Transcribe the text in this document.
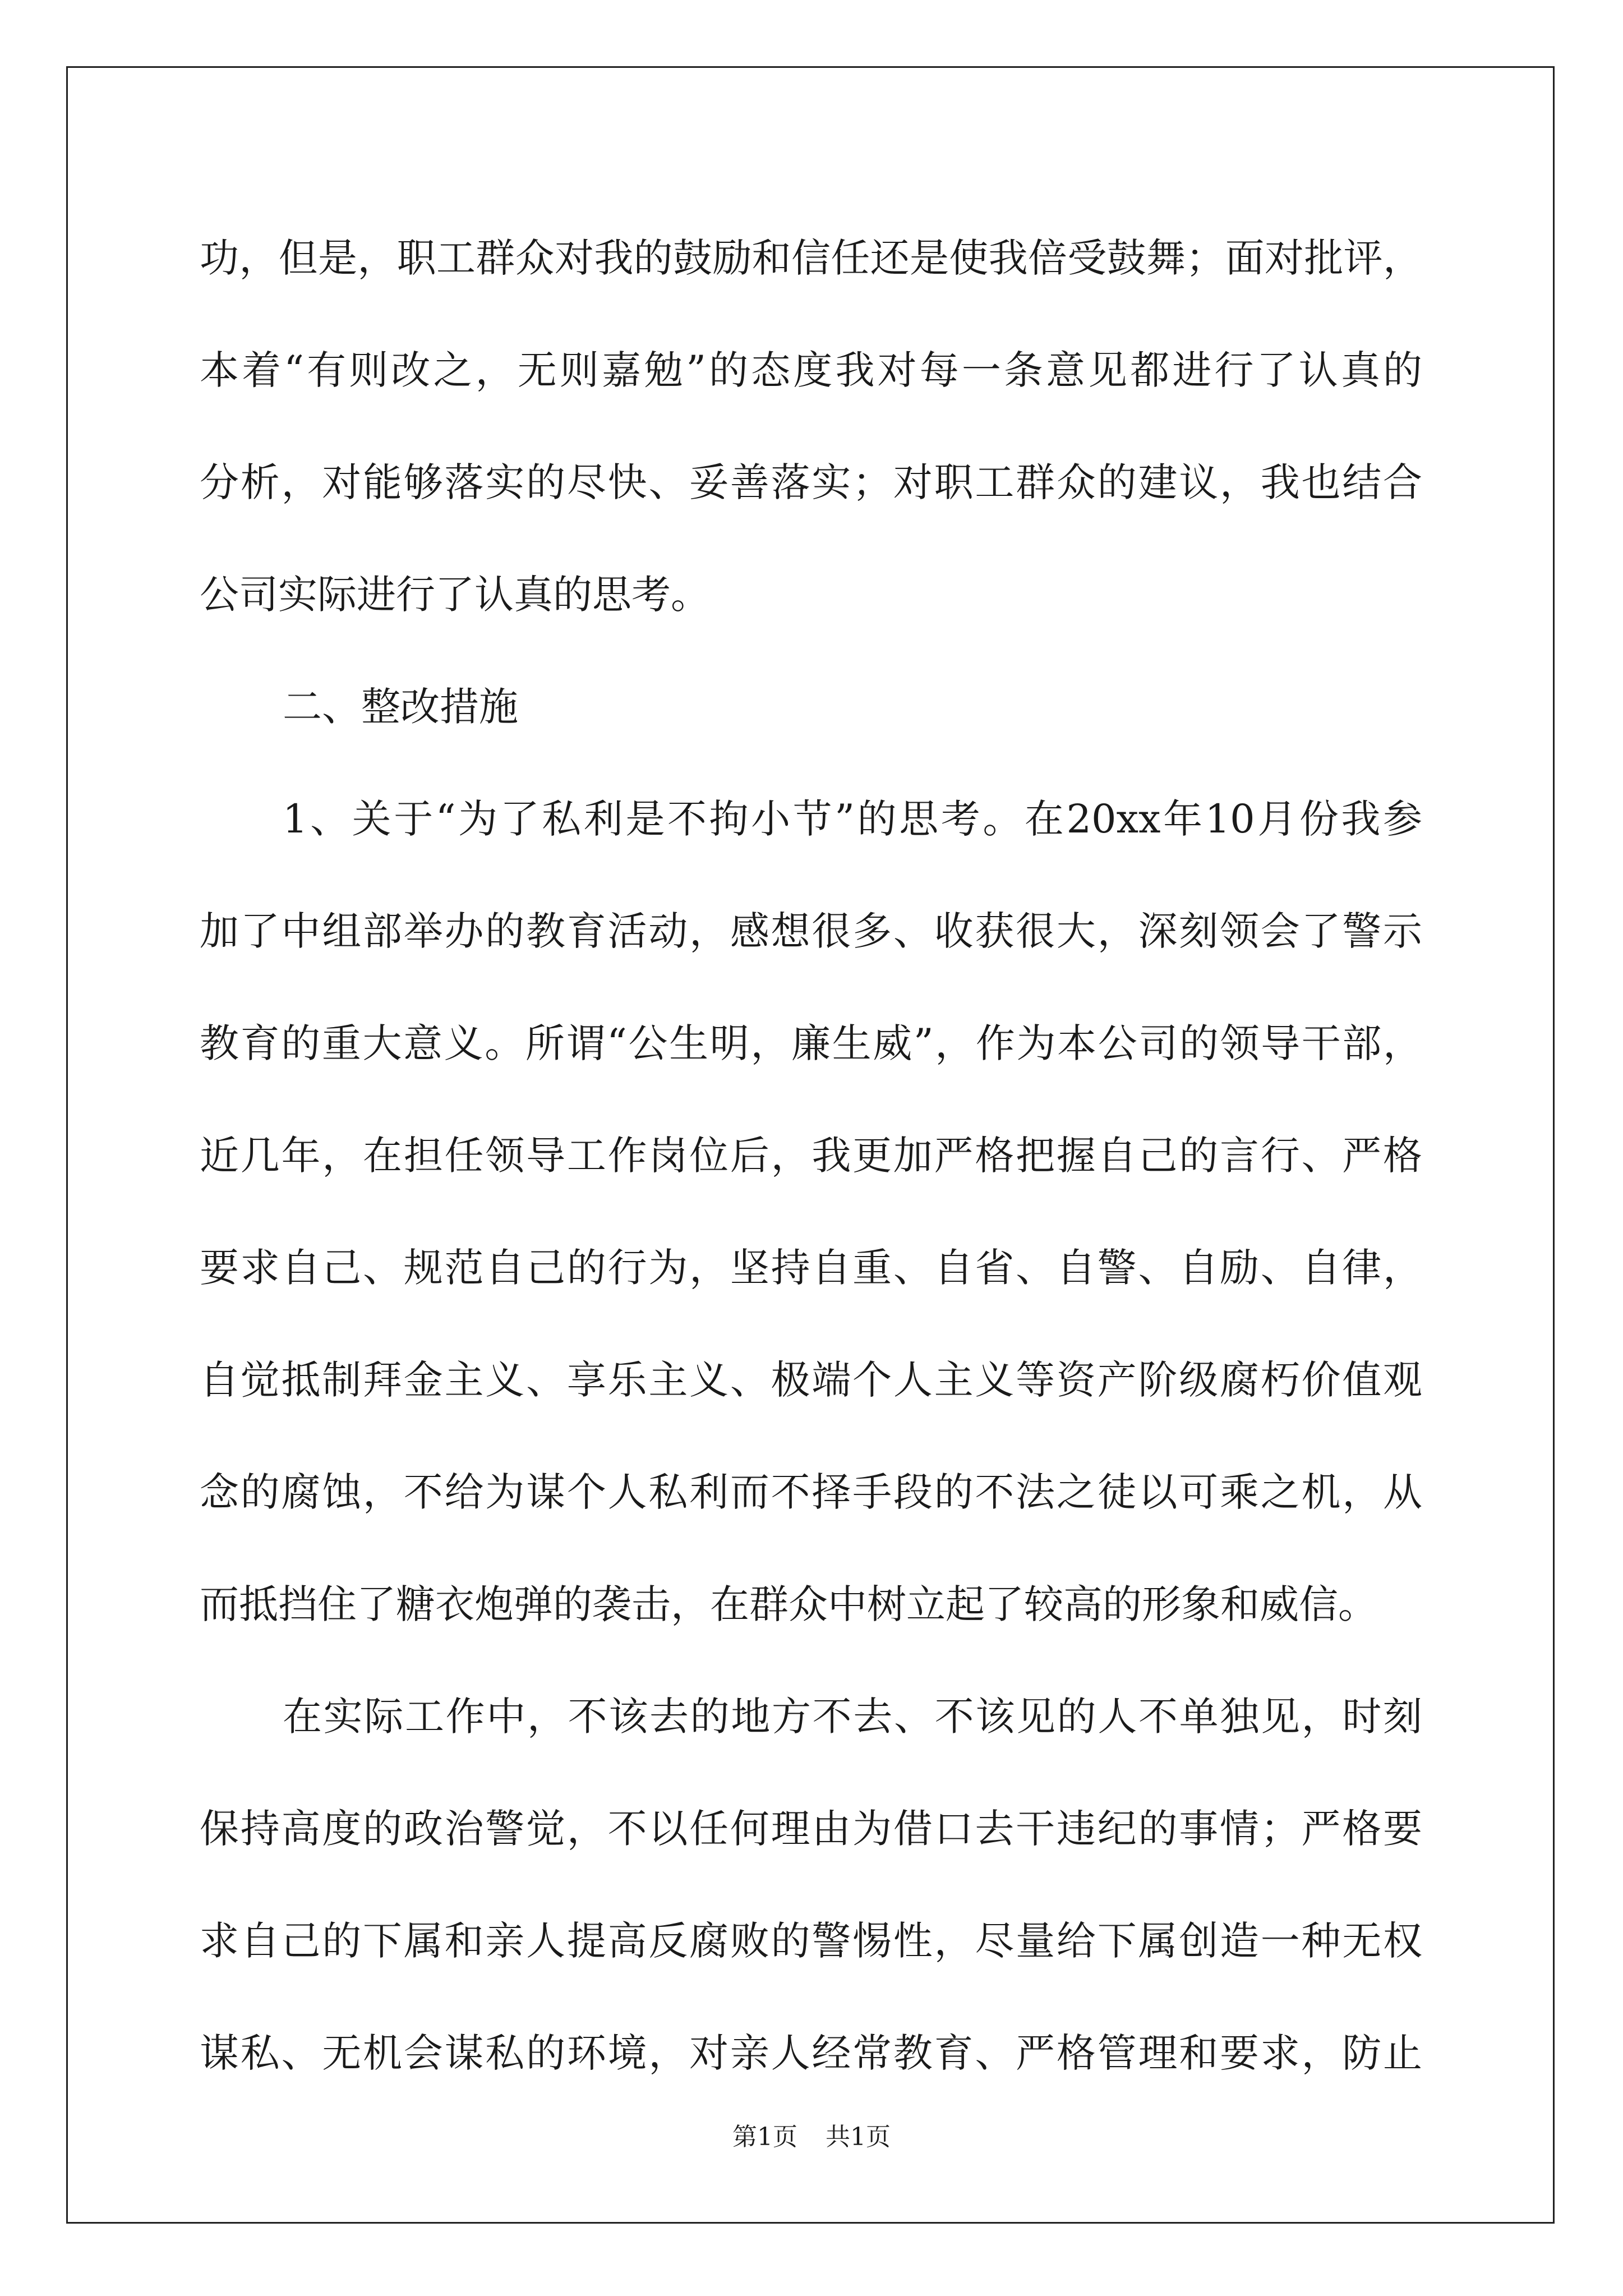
功，但是，职工群众对我的鼓励和信任还是使我倍受鼓舞；面对批评，
本着“有则改之，无则嘉勉”的态度我对每一条意见都进行了认真的
分析，对能够落实的尽快、妥善落实；对职工群众的建议，我也结合
公司实际进行了认真的思考。
二、整改措施
1、关于“为了私利是不拘小节”的思考。在20xx年10月份我参
加了中组部举办的教育活动，感想很多、收获很大，深刻领会了警示
教育的重大意义。所谓“公生明，廉生威”，作为本公司的领导干部，
近几年，在担任领导工作岗位后，我更加严格把握自己的言行、严格
要求自己、规范自己的行为，坚持自重、自省、自警、自励、自律，
自觉抵制拜金主义、享乐主义、极端个人主义等资产阶级腐朽价值观
念的腐蚀，不给为谋个人私利而不择手段的不法之徒以可乘之机，从
而抵挡住了糖衣炮弹的袭击，在群众中树立起了较高的形象和威信。
在实际工作中，不该去的地方不去、不该见的人不单独见，时刻
保持高度的政治警觉，不以任何理由为借口去干违纪的事情；严格要
求自己的下属和亲人提高反腐败的警惕性，尽量给下属创造一种无权
谋私、无机会谋私的环境，对亲人经常教育、严格管理和要求，防止
第1页 共1页
